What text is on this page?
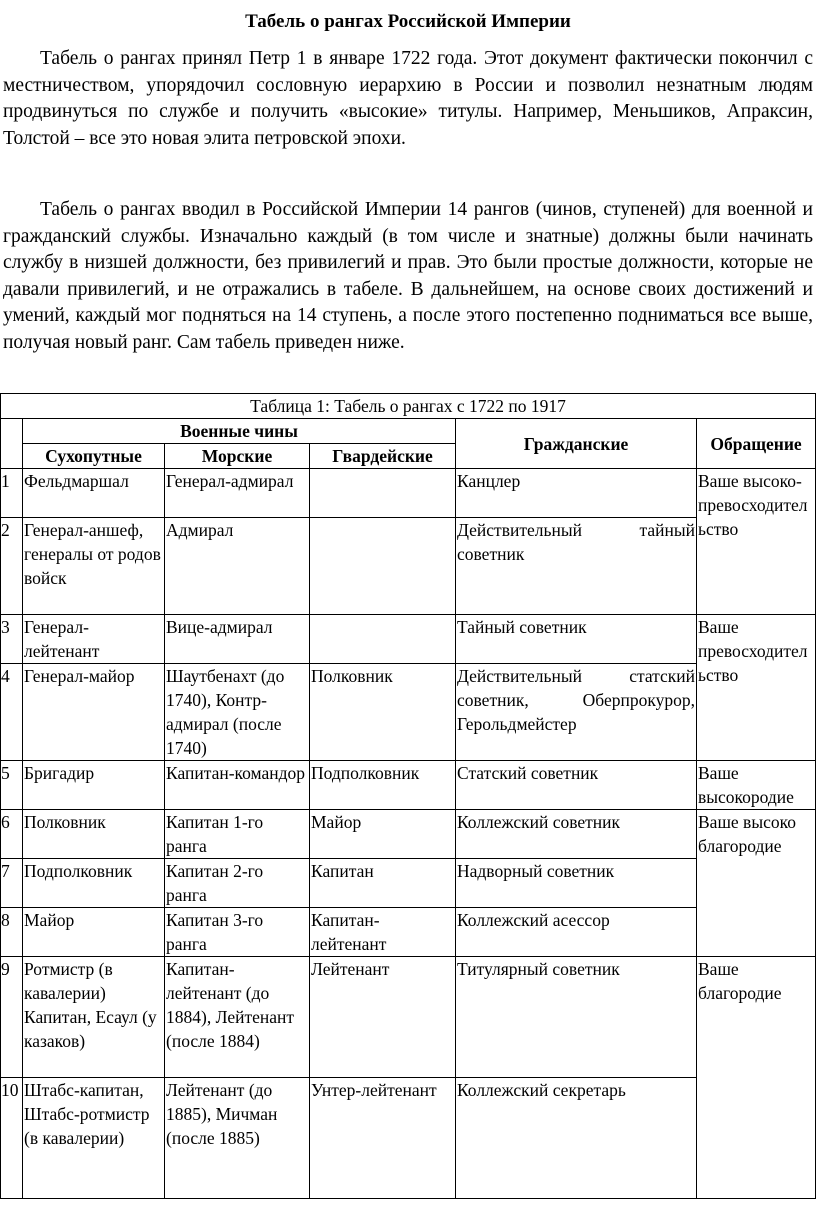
Табель о рангах Российской Империи

Табель о рангах принял Петр 1 в январе 1722 года. Этот документ фактически покончил с местничеством, упорядочил сословную иерархию в России и позволил незнатным людям продвинуться по службе и получить «высокие» титулы. Например, Меньшиков, Апраксин, Толстой – все это новая элита петровской эпохи.

Табель о рангах вводил в Российской Империи 14 рангов (чинов, ступеней) для военной и гражданский службы. Изначально каждый (в том числе и знатные) должны были начинать службу в низшей должности, без привилегий и прав. Это были простые должности, которые не давали привилегий, и не отражались в табеле. В дальнейшем, на основе своих достижений и умений, каждый мог подняться на 14 ступень, а после этого постепенно подниматься все выше, получая новый ранг. Сам табель приведен ниже.

Таблица 1: Табель о рангах с 1722 по 1917					
	Военные чины			Гражданские	Обращение
	Сухопутные	Морские	Гвардейские		
1	Фельдмаршал	Генерал-адмирал		Канцлер	Ваше высоко-превосходительство
2	Генерал-аншеф, генералы от родов войск	Адмирал		Действительный тайный советник	
3	Генерал-лейтенант	Вице-адмирал		Тайный советник	Ваше превосходительство
4	Генерал-майор	Шаутбенахт (до 1740), Контр-адмирал (после 1740)	Полковник	Действительный статский советник, Оберпрокурор, Герольдмейстер	
5	Бригадир	Капитан-командор	Подполковник	Статский советник	Ваше высокородие
6	Полковник	Капитан 1-го ранга	Майор	Коллежский советник	Ваше высоко благородие
7	Подполковник	Капитан 2-го ранга	Капитан	Надворный советник	
8	Майор	Капитан 3-го ранга	Капитан-лейтенант	Коллежский асессор	
9	Ротмистр (в кавалерии) Капитан, Есаул (у казаков)	Капитан-лейтенант (до 1884), Лейтенант (после 1884)	Лейтенант	Титулярный советник	Ваше благородие
10	Штабс-капитан, Штабс-ротмистр (в кавалерии)	Лейтенант (до 1885), Мичман (после 1885)	Унтер-лейтенант	Коллежский секретарь	
